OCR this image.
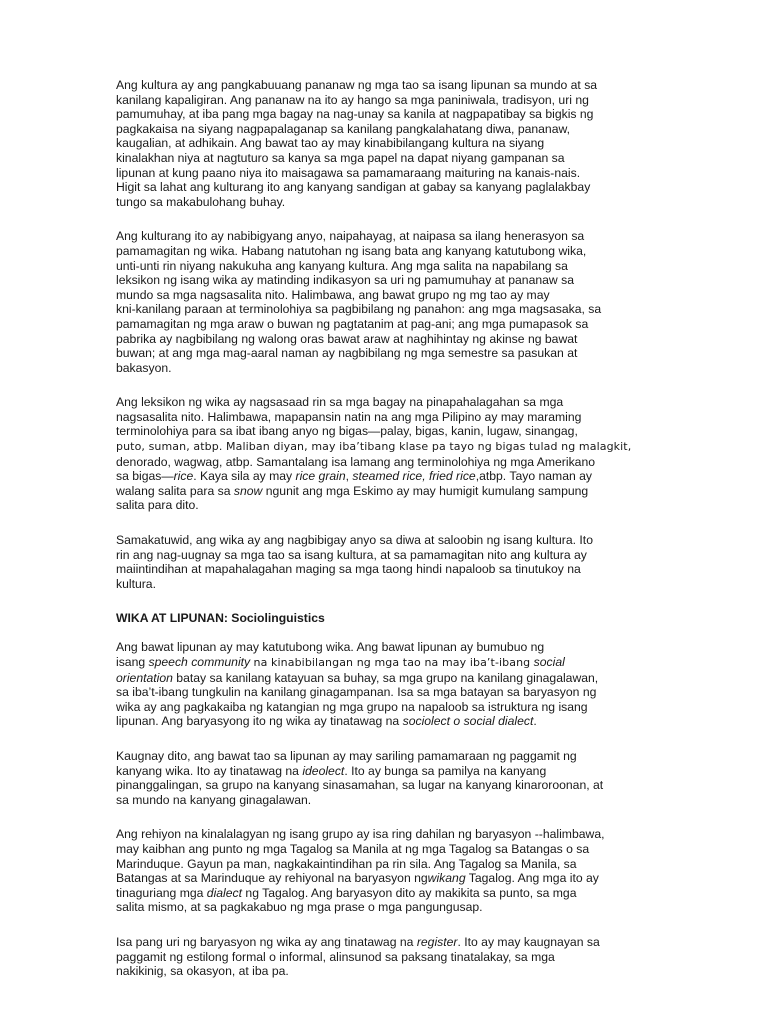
Ang kultura ay ang pangkabuuang pananaw ng mga tao sa isang lipunan sa mundo at sa
kanilang kapaligiran. Ang pananaw na ito ay hango sa mga paniniwala, tradisyon, uri ng
pamumuhay, at iba pang mga bagay na nag-unay sa kanila at nagpapatibay sa bigkis ng
pagkakaisa na siyang nagpapalaganap sa kanilang pangkalahatang diwa, pananaw,
kaugalian, at adhikain. Ang bawat tao ay may kinabibilangang kultura na siyang
kinalakhan niya at nagtuturo sa kanya sa mga papel na dapat niyang gampanan sa
lipunan at kung paano niya ito maisagawa sa pamamaraang maituring na kanais-nais.
Higit sa lahat ang kulturang ito ang kanyang sandigan at gabay sa kanyang paglalakbay
tungo sa makabulohang buhay.

Ang kulturang ito ay nabibigyang anyo, naipahayag, at naipasa sa ilang henerasyon sa
pamamagitan ng wika. Habang natutohan ng isang bata ang kanyang katutubong wika,
unti-unti rin niyang nakukuha ang kanyang kultura. Ang mga salita na napabilang sa
leksikon ng isang wika ay matinding indikasyon sa uri ng pamumuhay at pananaw sa
mundo sa mga nagsasalita nito. Halimbawa, ang bawat grupo ng mg tao ay may
kni-kanilang paraan at terminolohiya sa pagbibilang ng panahon: ang mga magsasaka, sa
pamamagitan ng mga araw o buwan ng pagtatanim at pag-ani; ang mga pumapasok sa
pabrika ay nagbibilang ng walong oras bawat araw at naghihintay ng akinse ng bawat
buwan; at ang mga mag-aaral naman ay nagbibilang ng mga semestre sa pasukan at
bakasyon.

Ang leksikon ng wika ay nagsasaad rin sa mga bagay na pinapahalagahan sa mga
nagsasalita nito. Halimbawa, mapapansin natin na ang mga Pilipino ay may maraming
terminolohiya para sa ibat ibang anyo ng bigas—palay, bigas, kanin, lugaw, sinangag,
puto, suman, atbp. Maliban diyan, may iba’tibang klase pa tayo ng bigas tulad ng malagkit,
denorado, wagwag, atbp. Samantalang isa lamang ang terminolohiya ng mga Amerikano
sa bigas—rice. Kaya sila ay may rice grain, steamed rice, fried rice,atbp. Tayo naman ay
walang salita para sa snow ngunit ang mga Eskimo ay may humigit kumulang sampung
salita para dito.

Samakatuwid, ang wika ay ang nagbibigay anyo sa diwa at saloobin ng isang kultura. Ito
rin ang nag-uugnay sa mga tao sa isang kultura, at sa pamamagitan nito ang kultura ay
maiintindihan at mapahalagahan maging sa mga taong hindi napaloob sa tinutukoy na
kultura.

WIKA AT LIPUNAN: Sociolinguistics

Ang bawat lipunan ay may katutubong wika. Ang bawat lipunan ay bumubuo ng
isang speech community na kinabibilangan ng mga tao na may iba’t-ibang social
orientation batay sa kanilang katayuan sa buhay, sa mga grupo na kanilang ginagalawan,
sa iba’t-ibang tungkulin na kanilang ginagampanan. Isa sa mga batayan sa baryasyon ng
wika ay ang pagkakaiba ng katangian ng mga grupo na napaloob sa istruktura ng isang
lipunan. Ang baryasyong ito ng wika ay tinatawag na sociolect o social dialect.

Kaugnay dito, ang bawat tao sa lipunan ay may sariling pamamaraan ng paggamit ng
kanyang wika. Ito ay tinatawag na ideolect. Ito ay bunga sa pamilya na kanyang
pinanggalingan, sa grupo na kanyang sinasamahan, sa lugar na kanyang kinaroroonan, at
sa mundo na kanyang ginagalawan.

Ang rehiyon na kinalalagyan ng isang grupo ay isa ring dahilan ng baryasyon --halimbawa,
may kaibhan ang punto ng mga Tagalog sa Manila at ng mga Tagalog sa Batangas o sa
Marinduque. Gayun pa man, nagkakaintindihan pa rin sila. Ang Tagalog sa Manila, sa
Batangas at sa Marinduque ay rehiyonal na baryasyon ngwikang Tagalog. Ang mga ito ay
tinaguriang mga dialect ng Tagalog. Ang baryasyon dito ay makikita sa punto, sa mga
salita mismo, at sa pagkakabuo ng mga prase o mga pangungusap.

Isa pang uri ng baryasyon ng wika ay ang tinatawag na register. Ito ay may kaugnayan sa
paggamit ng estilong formal o informal, alinsunod sa paksang tinatalakay, sa mga
nakikinig, sa okasyon, at iba pa.
